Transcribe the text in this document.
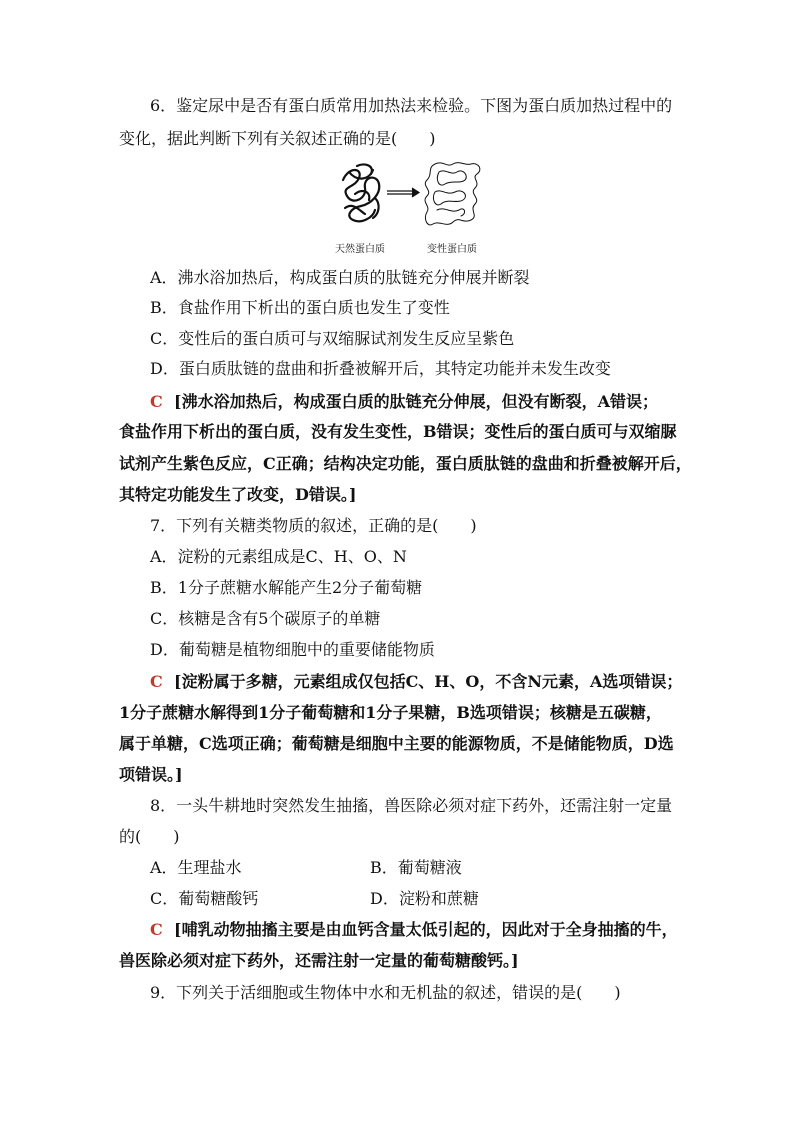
6．鉴定尿中是否有蛋白质常用加热法来检验。下图为蛋白质加热过程中的
变化，据此判断下列有关叙述正确的是(　　)
天然蛋白质	变性蛋白质
A．沸水浴加热后，构成蛋白质的肽链充分伸展并断裂
B．食盐作用下析出的蛋白质也发生了变性
C．变性后的蛋白质可与双缩脲试剂发生反应呈紫色
D．蛋白质肽链的盘曲和折叠被解开后，其特定功能并未发生改变
C [沸水浴加热后，构成蛋白质的肽链充分伸展，但没有断裂，A错误；
食盐作用下析出的蛋白质，没有发生变性，B错误；变性后的蛋白质可与双缩脲
试剂产生紫色反应，C正确；结构决定功能，蛋白质肽链的盘曲和折叠被解开后，
其特定功能发生了改变，D错误。]
7．下列有关糖类物质的叙述，正确的是(　　)
A．淀粉的元素组成是C、H、O、N
B．1分子蔗糖水解能产生2分子葡萄糖
C．核糖是含有5个碳原子的单糖
D．葡萄糖是植物细胞中的重要储能物质
C [淀粉属于多糖，元素组成仅包括C、H、O，不含N元素，A选项错误；
1分子蔗糖水解得到1分子葡萄糖和1分子果糖，B选项错误；核糖是五碳糖，
属于单糖，C选项正确；葡萄糖是细胞中主要的能源物质，不是储能物质，D选
项错误。]
8．一头牛耕地时突然发生抽搐，兽医除必须对症下药外，还需注射一定量
的(　　)
A．生理盐水	B．葡萄糖液
C．葡萄糖酸钙	D．淀粉和蔗糖
C [哺乳动物抽搐主要是由血钙含量太低引起的，因此对于全身抽搐的牛，
兽医除必须对症下药外，还需注射一定量的葡萄糖酸钙。]
9．下列关于活细胞或生物体中水和无机盐的叙述，错误的是(　　)
